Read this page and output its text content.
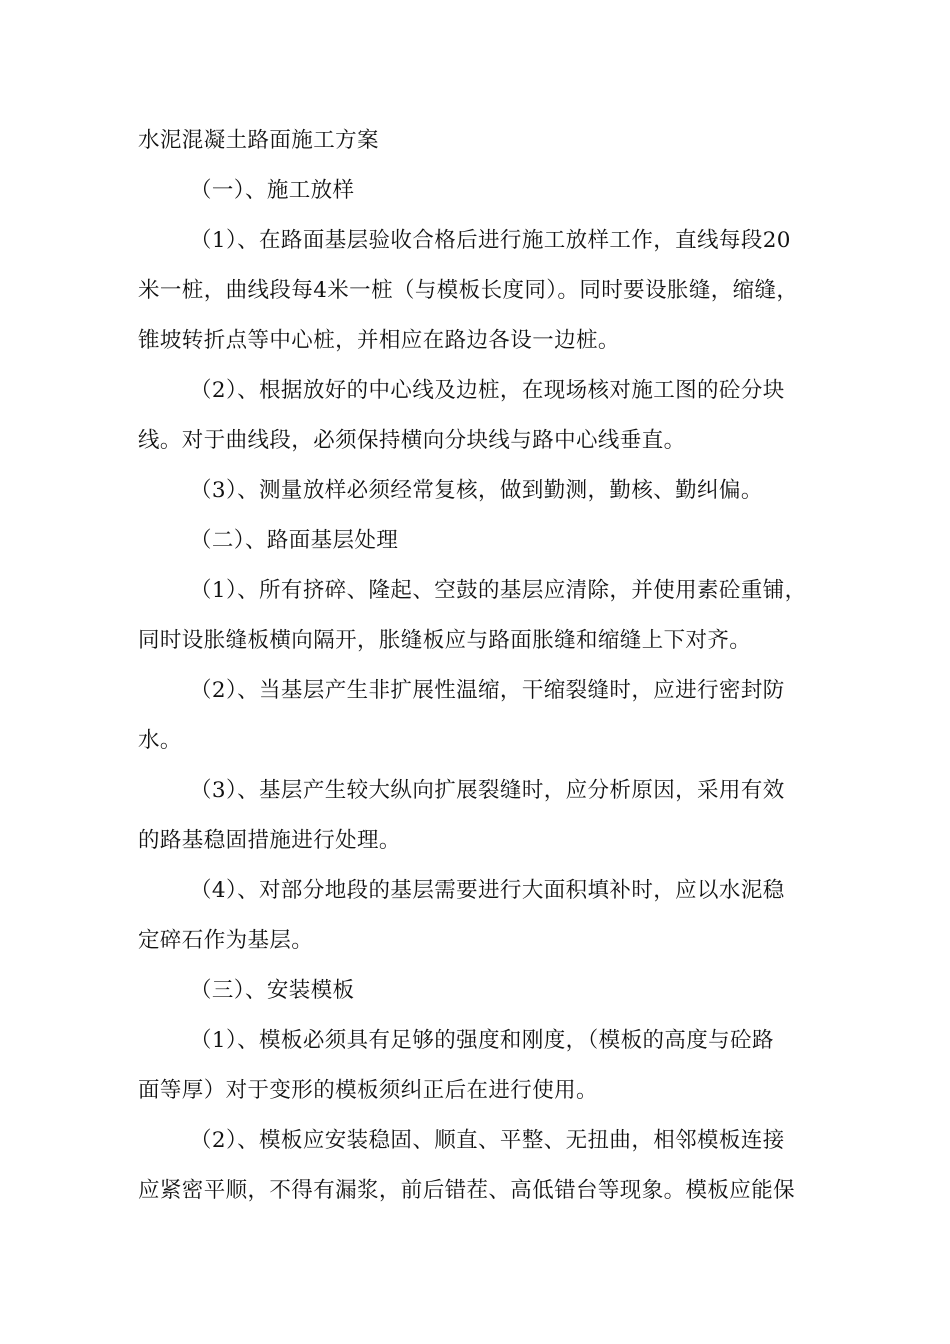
水泥混凝土路面施工方案

（一）、施工放样

（1）、在路面基层验收合格后进行施工放样工作，直线每段20

米一桩，曲线段每4米一桩（与模板长度同）。同时要设胀缝，缩缝，

锥坡转折点等中心桩，并相应在路边各设一边桩。

（2）、根据放好的中心线及边桩，在现场核对施工图的砼分块

线。对于曲线段，必须保持横向分块线与路中心线垂直。

（3）、测量放样必须经常复核，做到勤测，勤核、勤纠偏。

（二）、路面基层处理

（1）、所有挤碎、隆起、空鼓的基层应清除，并使用素砼重铺，

同时设胀缝板横向隔开，胀缝板应与路面胀缝和缩缝上下对齐。

（2）、当基层产生非扩展性温缩，干缩裂缝时，应进行密封防

水。

（3）、基层产生较大纵向扩展裂缝时，应分析原因，采用有效

的路基稳固措施进行处理。

（4）、对部分地段的基层需要进行大面积填补时，应以水泥稳

定碎石作为基层。

（三）、安装模板

（1）、模板必须具有足够的强度和刚度，（模板的高度与砼路

面等厚）对于变形的模板须纠正后在进行使用。

（2）、模板应安装稳固、顺直、平整、无扭曲，相邻模板连接

应紧密平顺，不得有漏浆，前后错茬、高低错台等现象。模板应能保
